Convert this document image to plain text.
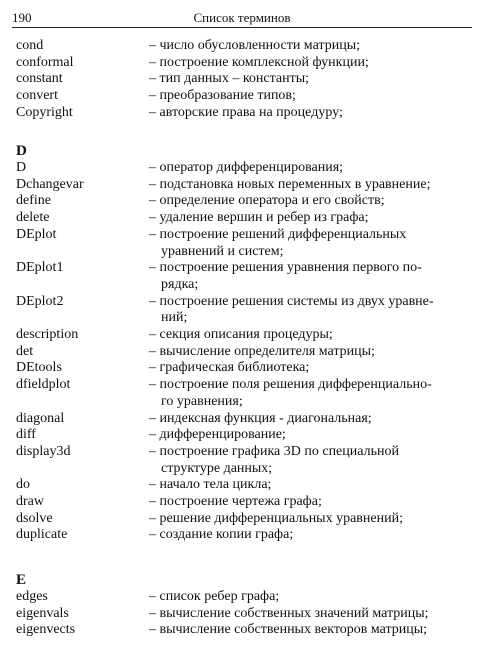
190	Список терминов
cond	– число обусловленности матрицы;
conformal	– построение комплексной функции;
constant	– тип данных – константы;
convert	– преобразование типов;
Copyright	– авторские права на процедуру;
D
D	– оператор дифференцирования;
Dchangevar	– подстановка новых переменных в уравнение;
define	– определение оператора и его свойств;
delete	– удаление вершин и ребер из графа;
DEplot	– построение решений дифференциальных
уравнений и систем;
DEplot1	– построение решения уравнения первого по-
рядка;
DEplot2	– построение решения системы из двух уравне-
ний;
description	– секция описания процедуры;
det	– вычисление определителя матрицы;
DEtools	– графическая библиотека;
dfieldplot	– построение поля решения дифференциально-
го уравнения;
diagonal	– индексная функция - диагональная;
diff	– дифференцирование;
display3d	– построение графика 3D по специальной
структуре данных;
do	– начало тела цикла;
draw	– построение чертежа графа;
dsolve	– решение дифференциальных уравнений;
duplicate	– создание копии графа;
E
edges	– список ребер графа;
eigenvals	– вычисление собственных значений матрицы;
eigenvects	– вычисление собственных векторов матрицы;
